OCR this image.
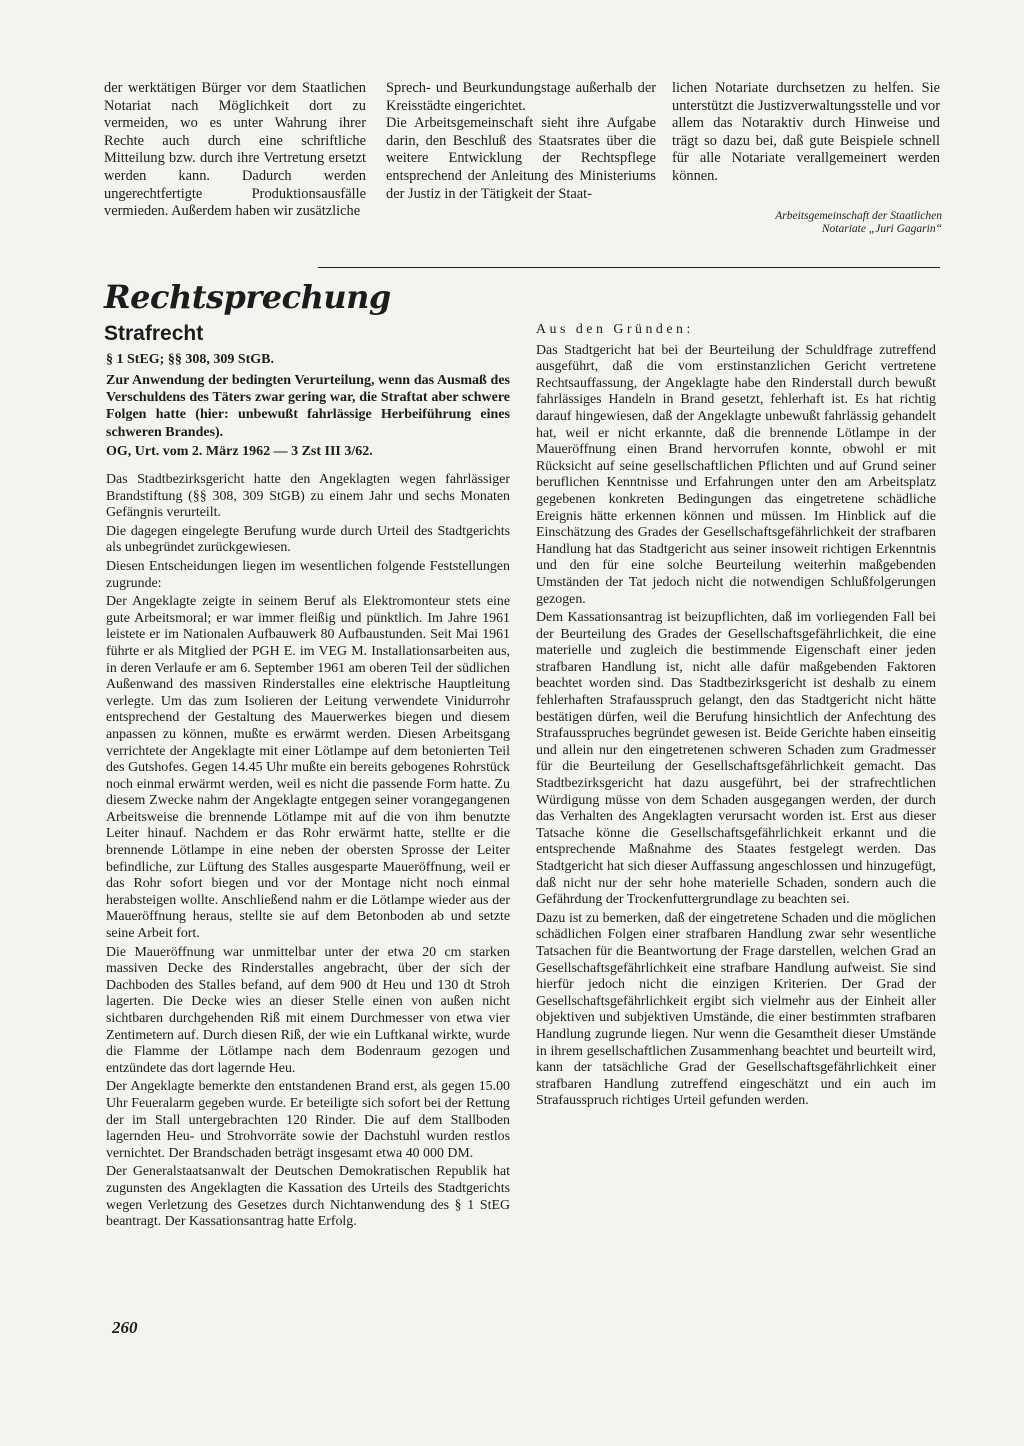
der werktätigen Bürger vor dem Staatlichen Notariat nach Möglichkeit dort zu vermeiden, wo es unter Wahrung ihrer Rechte auch durch eine schriftliche Mitteilung bzw. durch ihre Vertretung ersetzt werden kann. Dadurch werden ungerechtfertigte Produktionsausfälle vermieden. Außerdem haben wir zusätzliche

Sprech- und Beurkundungstage außerhalb der Kreisstädte eingerichtet.

Die Arbeitsgemeinschaft sieht ihre Aufgabe darin, den Beschluß des Staatsrates über die weitere Entwicklung der Rechtspflege entsprechend der Anleitung des Ministeriums der Justiz in der Tätigkeit der Staat-

lichen Notariate durchsetzen zu helfen. Sie unterstützt die Justizverwaltungsstelle und vor allem das Notaraktiv durch Hinweise und trägt so dazu bei, daß gute Beispiele schnell für alle Notariate verallgemeinert werden können.

Arbeitsgemeinschaft der Staatlichen
Notariate „Juri Gagarin“
Rechtsprechung
Strafrecht
§ 1 StEG; §§ 308, 309 StGB.
Zur Anwendung der bedingten Verurteilung, wenn das Ausmaß des Verschuldens des Täters zwar gering war, die Straftat aber schwere Folgen hatte (hier: unbewußt fahrlässige Herbeiführung eines schweren Brandes).
OG, Urt. vom 2. März 1962 — 3 Zst III 3/62.

Das Stadtbezirksgericht hatte den Angeklagten wegen fahrlässiger Brandstiftung (§§ 308, 309 StGB) zu einem Jahr und sechs Monaten Gefängnis verurteilt.

Die dagegen eingelegte Berufung wurde durch Urteil des Stadtgerichts als unbegründet zurückgewiesen.

Diesen Entscheidungen liegen im wesentlichen folgende Feststellungen zugrunde:

Der Angeklagte zeigte in seinem Beruf als Elektromonteur stets eine gute Arbeitsmoral; er war immer fleißig und pünktlich. Im Jahre 1961 leistete er im Nationalen Aufbauwerk 80 Aufbaustunden. Seit Mai 1961 führte er als Mitglied der PGH E. im VEG M. Installationsarbeiten aus, in deren Verlaufe er am 6. September 1961 am oberen Teil der südlichen Außenwand des massiven Rinderstalles eine elektrische Hauptleitung verlegte. Um das zum Isolieren der Leitung verwendete Vinidurrohr entsprechend der Gestaltung des Mauerwerkes biegen und diesem anpassen zu können, mußte es erwärmt werden. Diesen Arbeitsgang verrichtete der Angeklagte mit einer Lötlampe auf dem betonierten Teil des Gutshofes. Gegen 14.45 Uhr mußte ein bereits gebogenes Rohrstück noch einmal erwärmt werden, weil es nicht die passende Form hatte. Zu diesem Zwecke nahm der Angeklagte entgegen seiner vorangegangenen Arbeitsweise die brennende Lötlampe mit auf die von ihm benutzte Leiter hinauf. Nachdem er das Rohr erwärmt hatte, stellte er die brennende Lötlampe in eine neben der obersten Sprosse der Leiter befindliche, zur Lüftung des Stalles ausgesparte Maueröffnung, weil er das Rohr sofort biegen und vor der Montage nicht noch einmal herabsteigen wollte. Anschließend nahm er die Lötlampe wieder aus der Maueröffnung heraus, stellte sie auf dem Betonboden ab und setzte seine Arbeit fort.

Die Maueröffnung war unmittelbar unter der etwa 20 cm starken massiven Decke des Rinderstalles angebracht, über der sich der Dachboden des Stalles befand, auf dem 900 dt Heu und 130 dt Stroh lagerten. Die Decke wies an dieser Stelle einen von außen nicht sichtbaren durchgehenden Riß mit einem Durchmesser von etwa vier Zentimetern auf. Durch diesen Riß, der wie ein Luftkanal wirkte, wurde die Flamme der Lötlampe nach dem Bodenraum gezogen und entzündete das dort lagernde Heu.

Der Angeklagte bemerkte den entstandenen Brand erst, als gegen 15.00 Uhr Feueralarm gegeben wurde. Er beteiligte sich sofort bei der Rettung der im Stall untergebrachten 120 Rinder. Die auf dem Stallboden lagernden Heu- und Strohvorräte sowie der Dachstuhl wurden restlos vernichtet. Der Brandschaden beträgt insgesamt etwa 40 000 DM.

Der Generalstaatsanwalt der Deutschen Demokratischen Republik hat zugunsten des Angeklagten die Kassation des Urteils des Stadtgerichts wegen Verletzung des Gesetzes durch Nichtanwendung des § 1 StEG beantragt. Der Kassationsantrag hatte Erfolg.

Aus den Gründen:

Das Stadtgericht hat bei der Beurteilung der Schuldfrage zutreffend ausgeführt, daß die vom erstinstanzlichen Gericht vertretene Rechtsauffassung, der Angeklagte habe den Rinderstall durch bewußt fahrlässiges Handeln in Brand gesetzt, fehlerhaft ist. Es hat richtig darauf hingewiesen, daß der Angeklagte unbewußt fahrlässig gehandelt hat, weil er nicht erkannte, daß die brennende Lötlampe in der Maueröffnung einen Brand hervorrufen konnte, obwohl er mit Rücksicht auf seine gesellschaftlichen Pflichten und auf Grund seiner beruflichen Kenntnisse und Erfahrungen unter den am Arbeitsplatz gegebenen konkreten Bedingungen das eingetretene schädliche Ereignis hätte erkennen können und müssen. Im Hinblick auf die Einschätzung des Grades der Gesellschaftsgefährlichkeit der strafbaren Handlung hat das Stadtgericht aus seiner insoweit richtigen Erkenntnis und den für eine solche Beurteilung weiterhin maßgebenden Umständen der Tat jedoch nicht die notwendigen Schlußfolgerungen gezogen.

Dem Kassationsantrag ist beizupflichten, daß im vorliegenden Fall bei der Beurteilung des Grades der Gesellschaftsgefährlichkeit, die eine materielle und zugleich die bestimmende Eigenschaft einer jeden strafbaren Handlung ist, nicht alle dafür maßgebenden Faktoren beachtet worden sind. Das Stadtbezirksgericht ist deshalb zu einem fehlerhaften Strafausspruch gelangt, den das Stadtgericht nicht hätte bestätigen dürfen, weil die Berufung hinsichtlich der Anfechtung des Strafausspruches begründet gewesen ist. Beide Gerichte haben einseitig und allein nur den eingetretenen schweren Schaden zum Gradmesser für die Beurteilung der Gesellschaftsgefährlichkeit gemacht. Das Stadtbezirksgericht hat dazu ausgeführt, bei der strafrechtlichen Würdigung müsse von dem Schaden ausgegangen werden, der durch das Verhalten des Angeklagten verursacht worden ist. Erst aus dieser Tatsache könne die Gesellschaftsgefährlichkeit erkannt und die entsprechende Maßnahme des Staates festgelegt werden. Das Stadtgericht hat sich dieser Auffassung angeschlossen und hinzugefügt, daß nicht nur der sehr hohe materielle Schaden, sondern auch die Gefährdung der Trockenfuttergrundlage zu beachten sei.

Dazu ist zu bemerken, daß der eingetretene Schaden und die möglichen schädlichen Folgen einer strafbaren Handlung zwar sehr wesentliche Tatsachen für die Beantwortung der Frage darstellen, welchen Grad an Gesellschaftsgefährlichkeit eine strafbare Handlung aufweist. Sie sind hierfür jedoch nicht die einzigen Kriterien. Der Grad der Gesellschaftsgefährlichkeit ergibt sich vielmehr aus der Einheit aller objektiven und subjektiven Umstände, die einer bestimmten strafbaren Handlung zugrunde liegen. Nur wenn die Gesamtheit dieser Umstände in ihrem gesellschaftlichen Zusammenhang beachtet und beurteilt wird, kann der tatsächliche Grad der Gesellschaftsgefährlichkeit einer strafbaren Handlung zutreffend eingeschätzt und ein auch im Strafausspruch richtiges Urteil gefunden werden.

260
